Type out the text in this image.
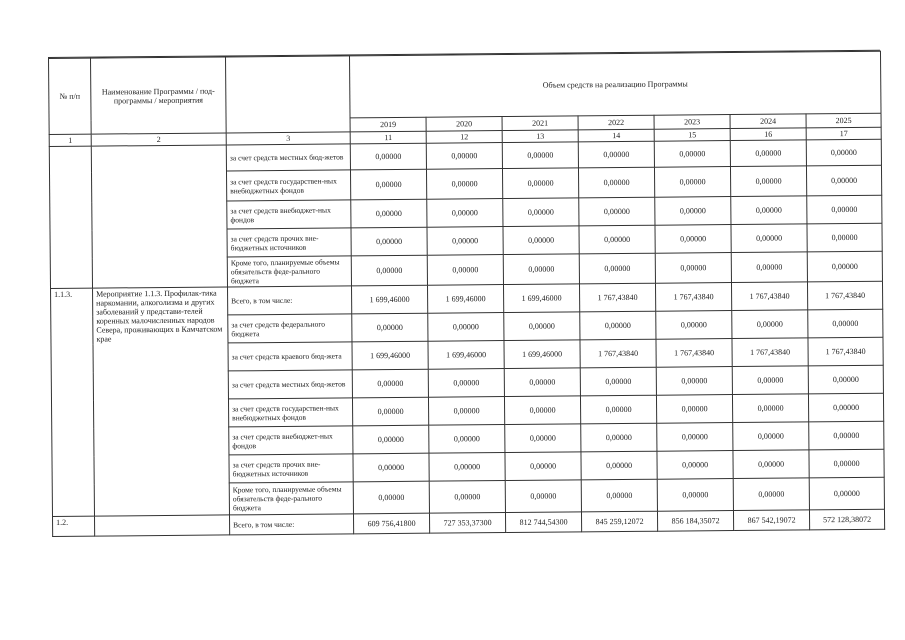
№ п/п	Наименование Программы / под-программы / мероприятия		Объем средств на реализацию Программы						
			2019	2020	2021	2022	2023	2024	2025
1	2	3	11	12	13	14	15	16	17
		за счет средств местных бюд-жетов	0,00000	0,00000	0,00000	0,00000	0,00000	0,00000	0,00000
		за счет средств государствен-ных внебюджетных фондов	0,00000	0,00000	0,00000	0,00000	0,00000	0,00000	0,00000
		за счет средств внебюджет-ных фондов	0,00000	0,00000	0,00000	0,00000	0,00000	0,00000	0,00000
		за счет средств прочих вне-бюджетных источников	0,00000	0,00000	0,00000	0,00000	0,00000	0,00000	0,00000
		Кроме того, планируемые объемы обязательств феде-рального бюджета	0,00000	0,00000	0,00000	0,00000	0,00000	0,00000	0,00000
1.1.3.	Мероприятие 1.1.3. Профилак-тика наркомании, алкоголизма и других заболеваний у представи-телей коренных малочисленных народов Севера, проживающих в Камчатском крае	Всего, в том числе:	1 699,46000	1 699,46000	1 699,46000	1 767,43840	1 767,43840	1 767,43840	1 767,43840
		за счет средств федерального бюджета	0,00000	0,00000	0,00000	0,00000	0,00000	0,00000	0,00000
		за счет средств краевого бюд-жета	1 699,46000	1 699,46000	1 699,46000	1 767,43840	1 767,43840	1 767,43840	1 767,43840
		за счет средств местных бюд-жетов	0,00000	0,00000	0,00000	0,00000	0,00000	0,00000	0,00000
		за счет средств государствен-ных внебюджетных фондов	0,00000	0,00000	0,00000	0,00000	0,00000	0,00000	0,00000
		за счет средств внебюджет-ных фондов	0,00000	0,00000	0,00000	0,00000	0,00000	0,00000	0,00000
		за счет средств прочих вне-бюджетных источников	0,00000	0,00000	0,00000	0,00000	0,00000	0,00000	0,00000
		Кроме того, планируемые объемы обязательств феде-рального бюджета	0,00000	0,00000	0,00000	0,00000	0,00000	0,00000	0,00000
1.2.		Всего, в том числе:	609 756,41800	727 353,37300	812 744,54300	845 259,12072	856 184,35072	867 542,19072	572 128,38072
